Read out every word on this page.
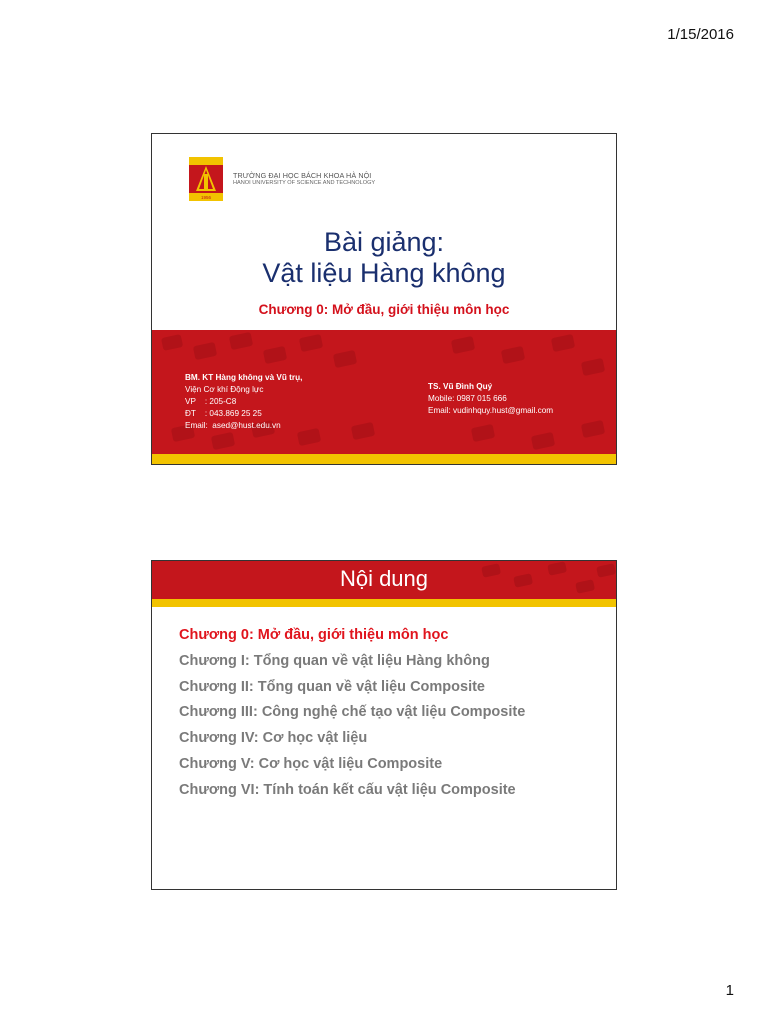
1/15/2016
1956
TRƯỜNG ĐẠI HỌC BÁCH KHOA HÀ NỘI
HANOI UNIVERSITY OF SCIENCE AND TECHNOLOGY
Bài giảng:
Vật liệu Hàng không
Chương 0: Mở đầu, giới thiệu môn học
BM. KT Hàng không và Vũ trụ,
Viện Cơ khí Động lực
VP    : 205-C8
ĐT    : 043.869 25 25
Email:  ased@hust.edu.vn
TS. Vũ Đình Quý
Mobile: 0987 015 666
Email: vudinhquy.hust@gmail.com
Nội dung
Chương 0: Mở đầu, giới thiệu môn học
Chương I: Tổng quan về vật liệu Hàng không
Chương II: Tổng quan về vật liệu Composite
Chương III: Công nghệ chế tạo vật liệu Composite
Chương IV: Cơ học vật liệu
Chương V: Cơ học vật liệu Composite
Chương VI: Tính toán kết cấu vật liệu Composite
1
